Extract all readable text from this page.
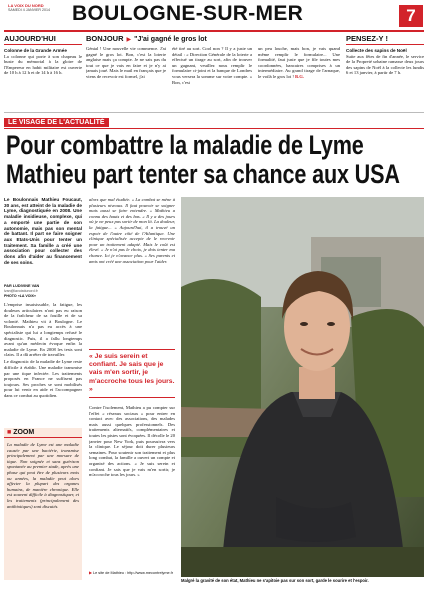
LA VOIX DU NORD
SAMEDI 4 JANVIER 2014 BOULOGNE-SUR-MER	7
AUJOURD'HUI
Colonne de la Grande Armée
La colonne qui porte à son chapeau le buste du mémorial à la gloire de l'Empereur en habit militaire est ouverte de 10 h à 12 h et de 14 h à 16 h.
BONJOUR ▶ "J'ai gagné le gros lot
Génial ! Une nouvelle vie commence. J'ai gagné le gros lot. Bon, c'est la loterie anglaise mais ça compte. Je ne sais pas du tout ce que je vais en faire et je n'y ai jamais joué. Mais le mail en français que je viens de recevoir est formel, j'ai
été tiré au sort. Cool non ? Il y a juste un détail : « Direction Générale de la loterie a effectué un tirage au sort, afin de trouver un gagnant, veuillez nous remplir le formulaire ci-joint et la banque de Londres vous versera la somme sur votre compte. » Bon, c'est
un peu louche, mais bon, je vais quand même remplir le formulaire... Une formalité, faut juste que je file toutes mes coordonnées, bancaires comprises à un intermédiaire. Au grand tirage de l'arnaque, le voilà le gros lot ! B.G.
PENSEZ-Y !
Collecte des sapins de Noël
Suite aux fêtes de fin d'année, le service de la Propreté urbaine ramasse deux jours des sapins de Noël à la collecte les lundis 6 et 13 janvier, à partir de 7 h.
LE VISAGE DE L'ACTUALITÉ
Pour combattre la maladie de Lyme
Mathieu part tenter sa chance aux USA
Le Boulonnais Mathieu Foucaut, 30 ans, est atteint de la maladie de Lyme, diagnostiquée en 2008. Une maladie insidieuse, complexe, qui a emporté une partie de son autonomie, mais pas son mental de battant. Il part se faire soigner aux Etats-Unis pour tenter un traitement. Sa famille a créé une association pour collecter des dons afin d'aider au financement de ses soins.
PAR LUDIVINE VAN
lvan@lavoixdunord.fr
PHOTO «LA VOIX»

L'emprise insaisissable, la fatigue, les douleurs articulaires n'ont pas eu raison de la fraîcheur de sa fouille et de sa volonté. Mathieu vit à Boulogne. Le Boulonnais n'a pas eu accès à une spécialiste qui lui a longtemps refusé le diagnostic. Puis, il a fallu longtemps avant qu'un médecin évoque enfin la maladie de Lyme. En 2008 les tests sont clairs. Il a dû arrêter de travailler.

Le diagnostic de la maladie de Lyme reste difficile à établir. Une maladie transmise par une tique infectée. Les traitements proposés en France ne suffisent pas toujours. Ses proches se sont mobilisés pour lui venir en aide et l'accompagner dans ce combat au quotidien.

■ ZOOM
La maladie de Lyme est une maladie causée par une bactérie, transmise principalement par une morsure de tique. Non soignée et sans guérison spontanée au premier stade, après une phase qui peut être de plusieurs mois ou années, la maladie peut alors affecter la plupart des organes humains, de manière chronique. Elle est souvent difficile à diagnostiquer, et les traitements (principalement des antibiotiques) sont discutés.
alors que mal étudiée. « La combat se mène à plusieurs niveaux. Il faut pouvoir se soigner mais aussi se faire entendre. » Mathieu a connu des hauts et des bas. « Il y a des jours où je ne peux pas sortir de mon lit. La douleur, la fatigue... » Aujourd'hui, il a trouvé un espoir de l'autre côté de l'Atlantique. Une clinique spécialisée accepte de le recevoir pour un traitement adapté. Mais le coût est élevé. « Je n'ai pas le choix, je dois tenter ma chance. Ici je n'avance plus. » Ses parents et amis ont créé une association pour l'aider.
« Je suis serein et confiant. Je sais que je vais m'en sortir, je m'accroche tous les jours. »
Contre l'isolement, Mathieu a pu compter sur l'effet « réseaux sociaux » pour entrer en contact avec des associations, des malades mais aussi quelques professionnels. Des traitements alternatifs, complémentaires et toutes les pistes sont évoquées. Il décolle le 20 janvier pour New York, puis poursuivra vers la clinique. Le séjour doit durer plusieurs semaines. Pour soutenir son traitement et plus long combat, la famille a ouvert un compte et organisé des actions. « Je suis serein et confiant. Je sais que je vais m'en sortir, je m'accroche tous les jours. »
▶ Le site de Mathieu : http://www.mecontrelyme.fr
Malgré la gravité de son état, Mathieu ne s'apitoie pas sur son sort, garde le sourire et l'espoir.
